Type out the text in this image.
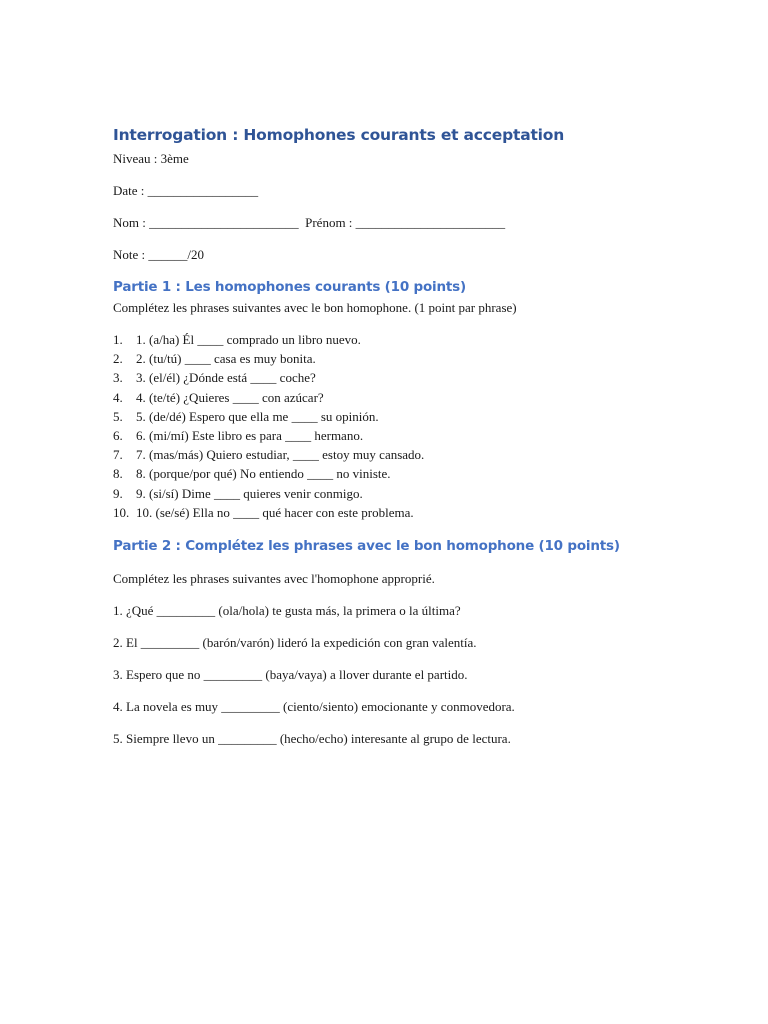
Interrogation : Homophones courants et acceptation

Niveau : 3ème

Date : _________________

Nom : _______________________  Prénom : _______________________

Note : ______/20

Partie 1 : Les homophones courants (10 points)

Complétez les phrases suivantes avec le bon homophone. (1 point par phrase)

1.	1. (a/ha) Él ____ comprado un libro nuevo.
2.	2. (tu/tú) ____ casa es muy bonita.
3.	3. (el/él) ¿Dónde está ____ coche?
4.	4. (te/té) ¿Quieres ____ con azúcar?
5.	5. (de/dé) Espero que ella me ____ su opinión.
6.	6. (mi/mí) Este libro es para ____ hermano.
7.	7. (mas/más) Quiero estudiar, ____ estoy muy cansado.
8.	8. (porque/por qué) No entiendo ____ no viniste.
9.	9. (si/sí) Dime ____ quieres venir conmigo.
10. 10. (se/sé) Ella no ____ qué hacer con este problema.
Partie 2 : Complétez les phrases avec le bon homophone (10 points)

Complétez les phrases suivantes avec l'homophone approprié.

1. ¿Qué _________ (ola/hola) te gusta más, la primera o la última?

2. El _________ (barón/varón) lideró la expedición con gran valentía.

3. Espero que no _________ (baya/vaya) a llover durante el partido.

4. La novela es muy _________ (ciento/siento) emocionante y conmovedora.

5. Siempre llevo un _________ (hecho/echo) interesante al grupo de lectura.
